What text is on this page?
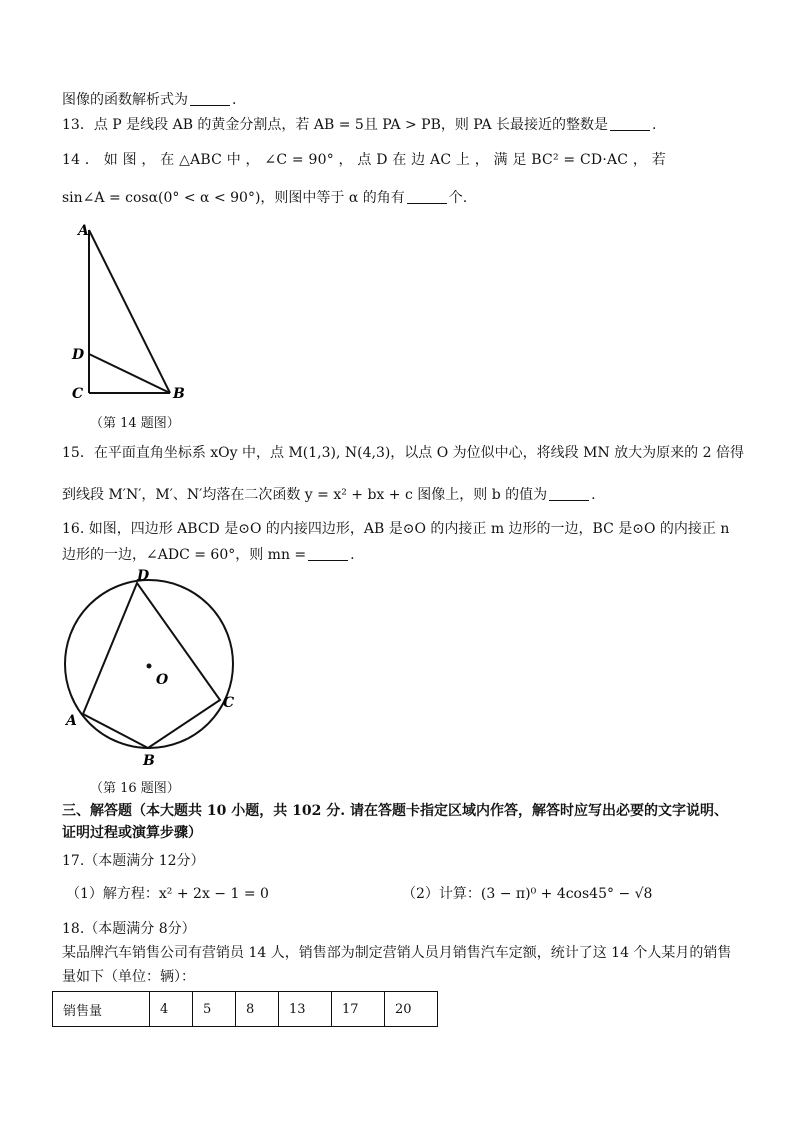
图像的函数解析式为	.
13．点 P 是线段 AB 的黄金分割点，若 AB = 5且 PA > PB，则 PA 长最接近的整数是	.
14 ． 如 图 ， 在 △ABC 中 ， ∠C = 90° ， 点 D 在 边 AC 上 ， 满 足 BC² = CD·AC ， 若
sin∠A = cosα(0° < α < 90°)，则图中等于 α 的角有	个.
A
D
C	B
（第 14 题图）
15．在平面直角坐标系 xOy 中，点 M(1,3), N(4,3)，以点 O 为位似中心，将线段 MN 放大为原来的 2 倍得
到线段 M′N′，M′、N′均落在二次函数 y = x² + bx + c 图像上，则 b 的值为	.
16. 如图，四边形 ABCD 是⊙O 的内接四边形，AB 是⊙O 的内接正 m 边形的一边，BC 是⊙O 的内接正 n
边形的一边，∠ADC = 60°，则 mn =	.
D
O
A
B
C
（第 16 题图）
三、解答题（本大题共 10 小题，共 102 分. 请在答题卡指定区域内作答，解答时应写出必要的文字说明、证明过程或演算步骤）
17.（本题满分 12分）
（1）解方程：x² + 2x − 1 = 0	（2）计算：(3 − π)⁰ + 4cos45° − √8
18.（本题满分 8分）
某品牌汽车销售公司有营销员 14 人，销售部为制定营销人员月销售汽车定额，统计了这 14 个人某月的销售量如下（单位：辆）：
销售量	4	5	8	13	17	20
